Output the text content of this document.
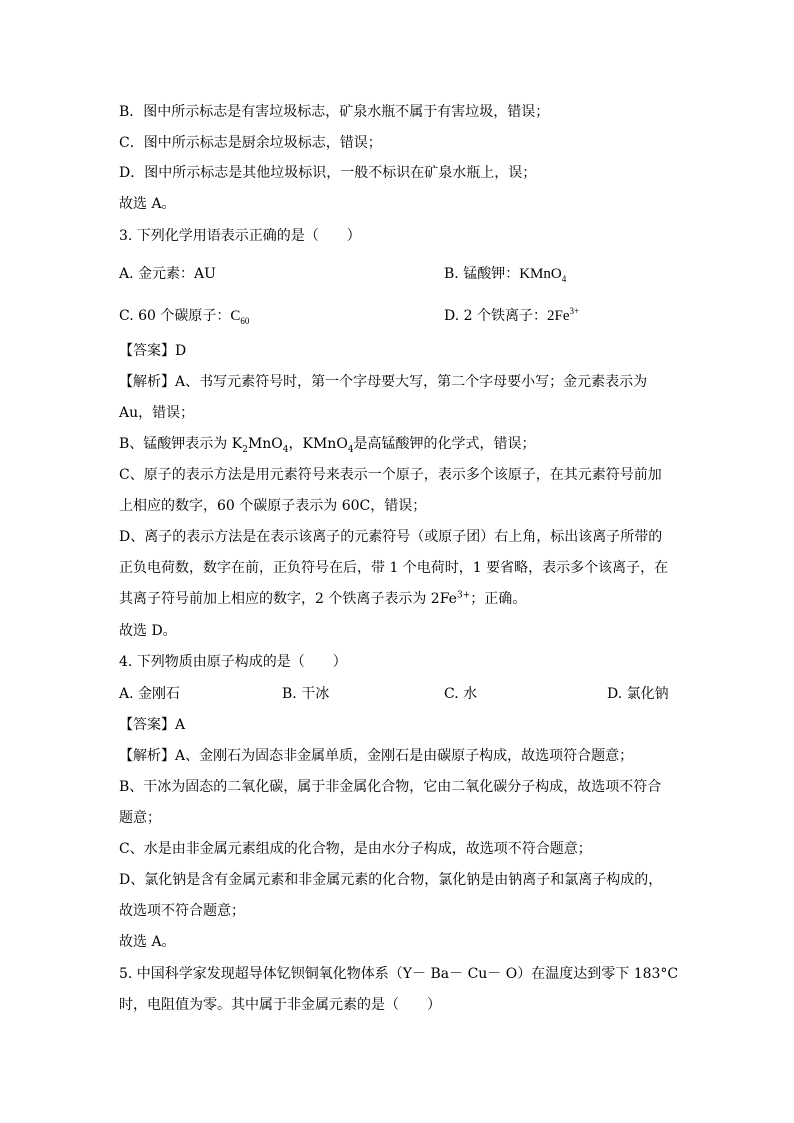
B．图中所示标志是有害垃圾标志，矿泉水瓶不属于有害垃圾，错误；
C．图中所示标志是厨余垃圾标志，错误；
D．图中所示标志是其他垃圾标识，一般不标识在矿泉水瓶上，误；
故选 A。
3. 下列化学用语表示正确的是（　　）
A. 金元素：AU	B. 锰酸钾：KMnO$_4$
C. 60 个碳原子：$C_{60}$	D. 2 个铁离子：$2Fe^{3+}$
【答案】D
【解析】A、书写元素符号时，第一个字母要大写，第二个字母要小写；金元素表示为
Au，错误；
B、锰酸钾表示为 $K_2MnO_4$，KMnO$_4$是高锰酸钾的化学式，错误；
C、原子的表示方法是用元素符号来表示一个原子，表示多个该原子，在其元素符号前加
上相应的数字，60 个碳原子表示为 60C，错误；
D、离子的表示方法是在表示该离子的元素符号（或原子团）右上角，标出该离子所带的
正负电荷数，数字在前，正负符号在后，带 1 个电荷时，1 要省略，表示多个该离子，在
其离子符号前加上相应的数字，2 个铁离子表示为 $2Fe^{3+}$；正确。
故选 D。
4. 下列物质由原子构成的是（　　）
A. 金刚石	B. 干冰	C. 水	D. 氯化钠
【答案】A
【解析】A、金刚石为固态非金属单质，金刚石是由碳原子构成，故选项符合题意；
B、干冰为固态的二氧化碳，属于非金属化合物，它由二氧化碳分子构成，故选项不符合
题意；
C、水是由非金属元素组成的化合物，是由水分子构成，故选项不符合题意；
D、氯化钠是含有金属元素和非金属元素的化合物，氯化钠是由钠离子和氯离子构成的，
故选项不符合题意；
故选 A。
5. 中国科学家发现超导体钇钡铜氧化物体系（Y－ Ba－ Cu－ O）在温度达到零下 183°C
时，电阻值为零。其中属于非金属元素的是（　　）
